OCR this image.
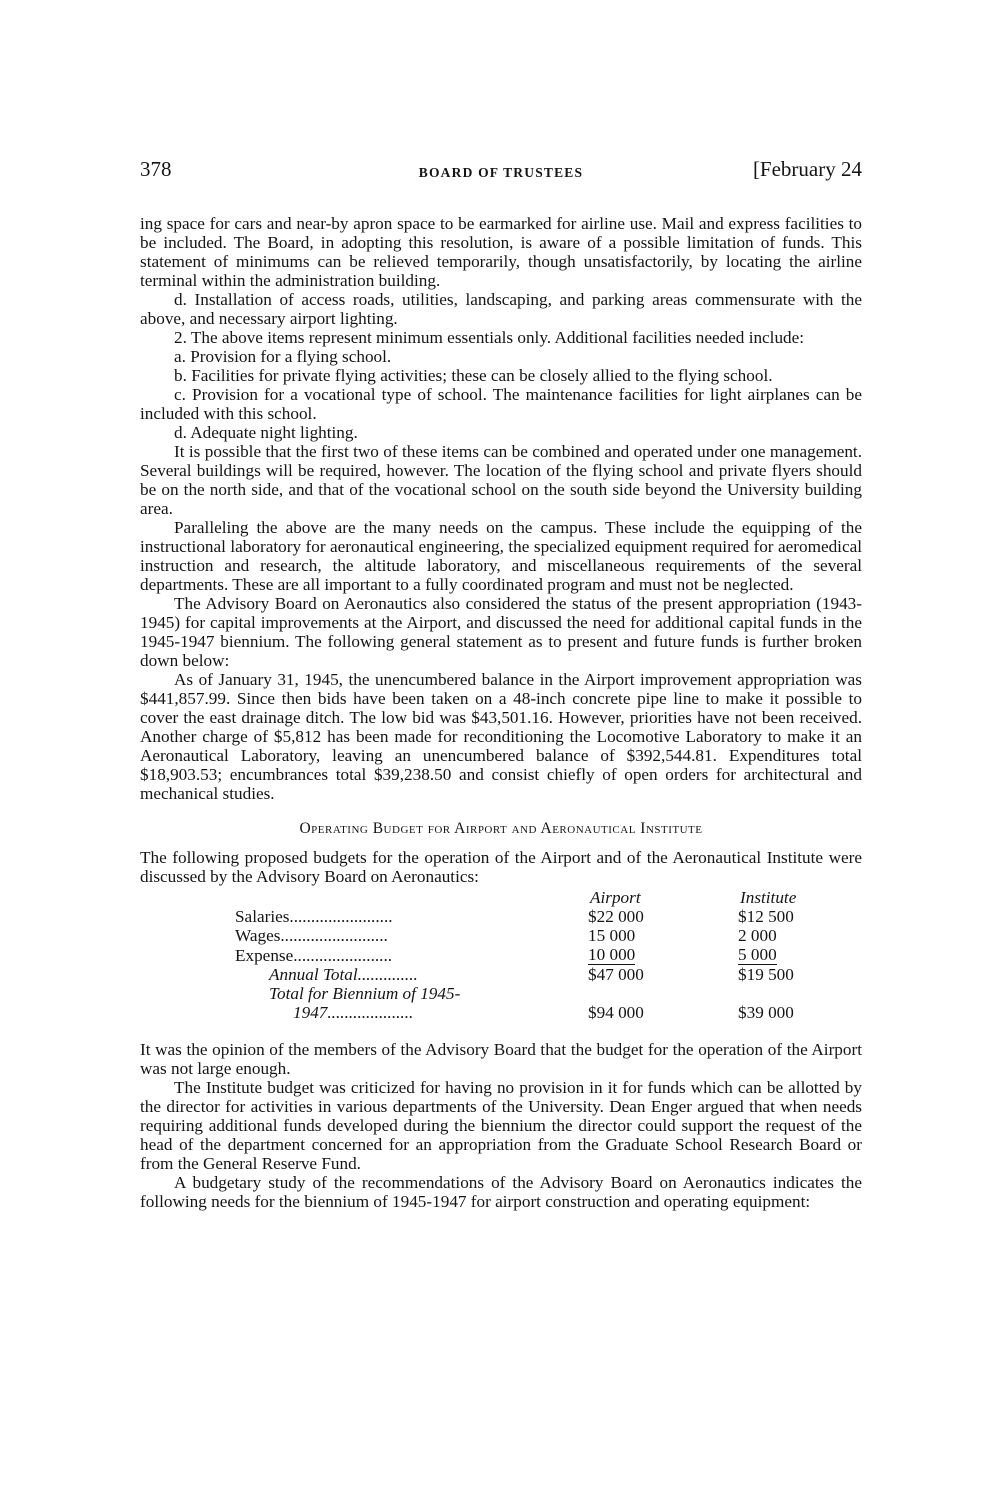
378	BOARD OF TRUSTEES	[February 24

ing space for cars and near-by apron space to be earmarked for airline use. Mail and express facilities to be included. The Board, in adopting this resolution, is aware of a possible limitation of funds. This statement of minimums can be relieved temporarily, though unsatisfactorily, by locating the airline terminal within the administration building.

d. Installation of access roads, utilities, landscaping, and parking areas commensurate with the above, and necessary airport lighting.

2. The above items represent minimum essentials only. Additional facilities needed include:

a. Provision for a flying school.

b. Facilities for private flying activities; these can be closely allied to the flying school.

c. Provision for a vocational type of school. The maintenance facilities for light airplanes can be included with this school.

d. Adequate night lighting.

It is possible that the first two of these items can be combined and operated under one management. Several buildings will be required, however. The location of the flying school and private flyers should be on the north side, and that of the vocational school on the south side beyond the University building area.

Paralleling the above are the many needs on the campus. These include the equipping of the instructional laboratory for aeronautical engineering, the specialized equipment required for aeromedical instruction and research, the altitude laboratory, and miscellaneous requirements of the several departments. These are all important to a fully coordinated program and must not be neglected.

The Advisory Board on Aeronautics also considered the status of the present appropriation (1943-1945) for capital improvements at the Airport, and discussed the need for additional capital funds in the 1945-1947 biennium. The following general statement as to present and future funds is further broken down below:

As of January 31, 1945, the unencumbered balance in the Airport improvement appropriation was $441,857.99. Since then bids have been taken on a 48-inch concrete pipe line to make it possible to cover the east drainage ditch. The low bid was $43,501.16. However, priorities have not been received. Another charge of $5,812 has been made for reconditioning the Locomotive Laboratory to make it an Aeronautical Laboratory, leaving an unencumbered balance of $392,544.81. Expenditures total $18,903.53; encumbrances total $39,238.50 and consist chiefly of open orders for architectural and mechanical studies.

Operating Budget for Airport and Aeronautical Institute

The following proposed budgets for the operation of the Airport and of the Aeronautical Institute were discussed by the Advisory Board on Aeronautics:

	Airport	Institute
Salaries........................	$22 000	$12 500
Wages.........................	15 000	2 000
Expense.......................	10 000	5 000
Annual Total..............	$47 000	$19 500
Total for Biennium of 1945-		
1947....................	$94 000	$39 000

It was the opinion of the members of the Advisory Board that the budget for the operation of the Airport was not large enough.

The Institute budget was criticized for having no provision in it for funds which can be allotted by the director for activities in various departments of the University. Dean Enger argued that when needs requiring additional funds developed during the biennium the director could support the request of the head of the department concerned for an appropriation from the Graduate School Research Board or from the General Reserve Fund.

A budgetary study of the recommendations of the Advisory Board on Aeronautics indicates the following needs for the biennium of 1945-1947 for airport construction and operating equipment:
